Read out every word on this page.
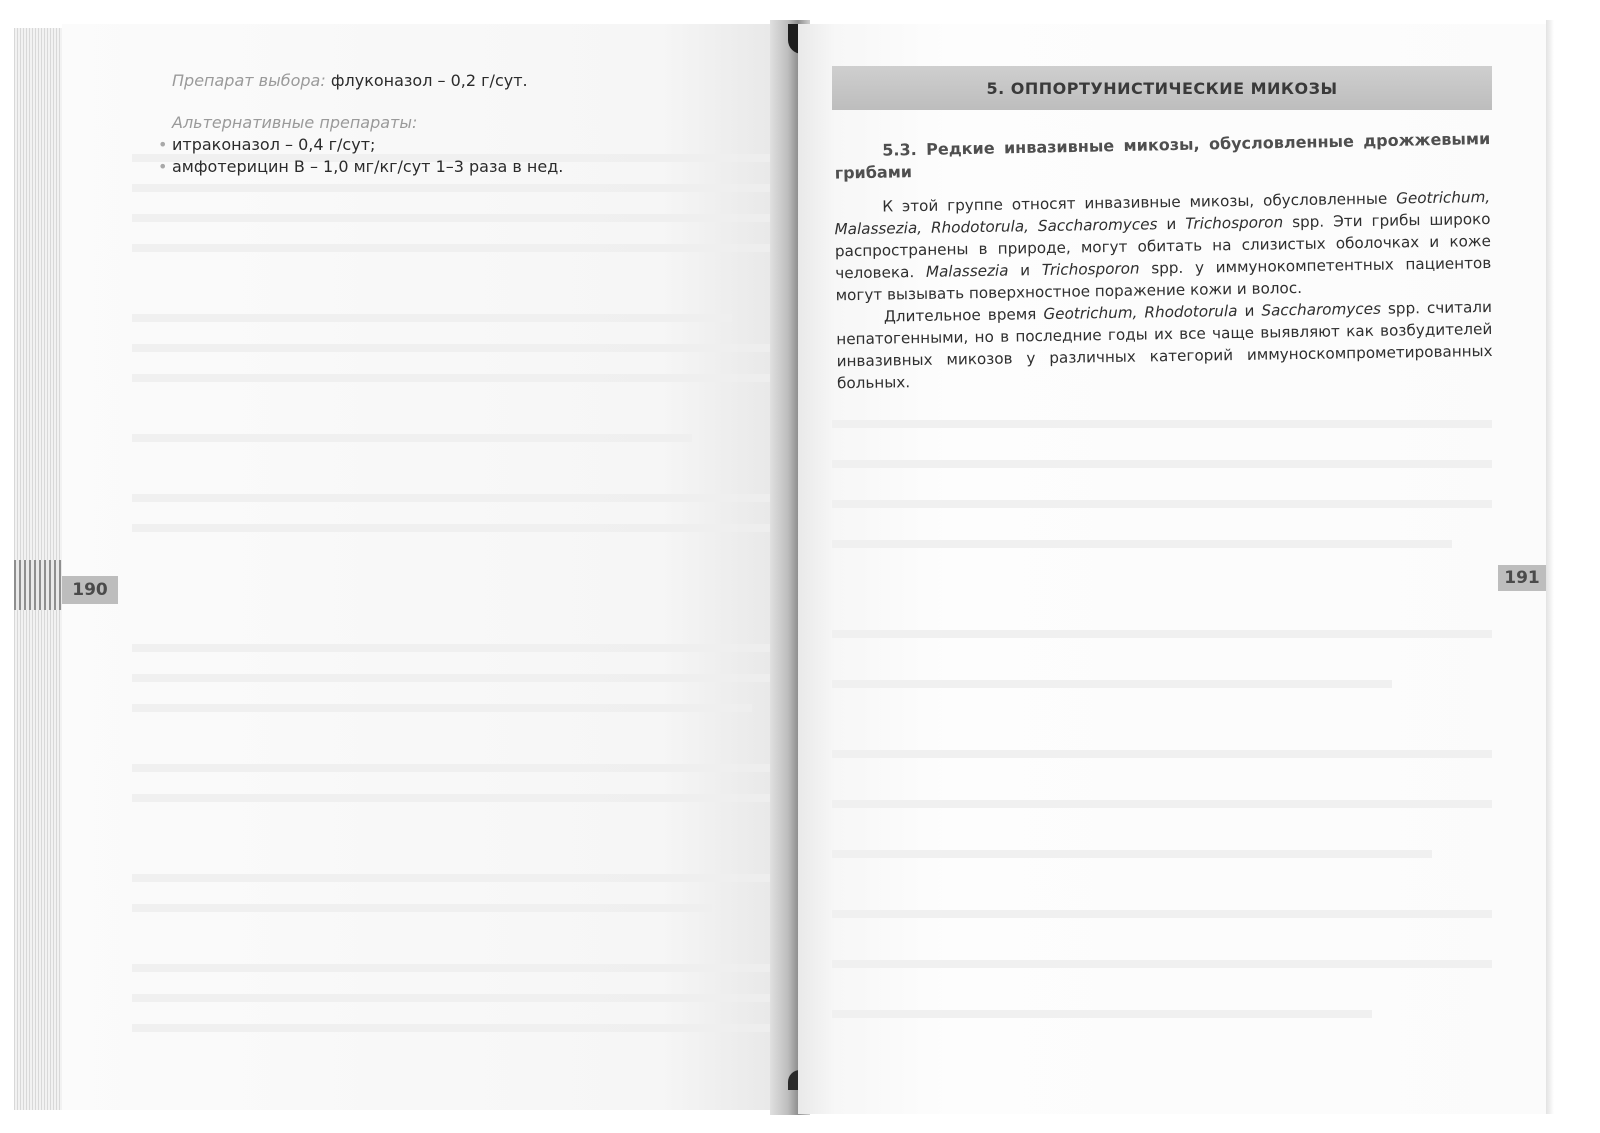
Препарат выбора: флуконазол – 0,2 г/сут.
Альтернативные препараты:
• итраконазол – 0,4 г/сут;
• амфотерицин В – 1,0 мг/кг/сут 1–3 раза в нед.
190
5. ОППОРТУНИСТИЧЕСКИЕ МИКОЗЫ
5.3. Редкие инвазивные микозы, обусловленные дрожжевыми грибами

К этой группе относят инвазивные микозы, обусловленные Geotrichum, Malassezia, Rhodotorula, Saccharomyces и Trichosporon spp. Эти грибы широко распространены в природе, могут обитать на слизистых оболочках и коже человека. Malassezia и Trichosporon spp. у иммунокомпетентных пациентов могут вызывать поверхностное поражение кожи и волос.

Длительное время Geotrichum, Rhodotorula и Saccharomyces spp. считали непатогенными, но в последние годы их все чаще выявляют как возбудителей инвазивных микозов у различных категорий иммуноскомпрометированных больных.

191
